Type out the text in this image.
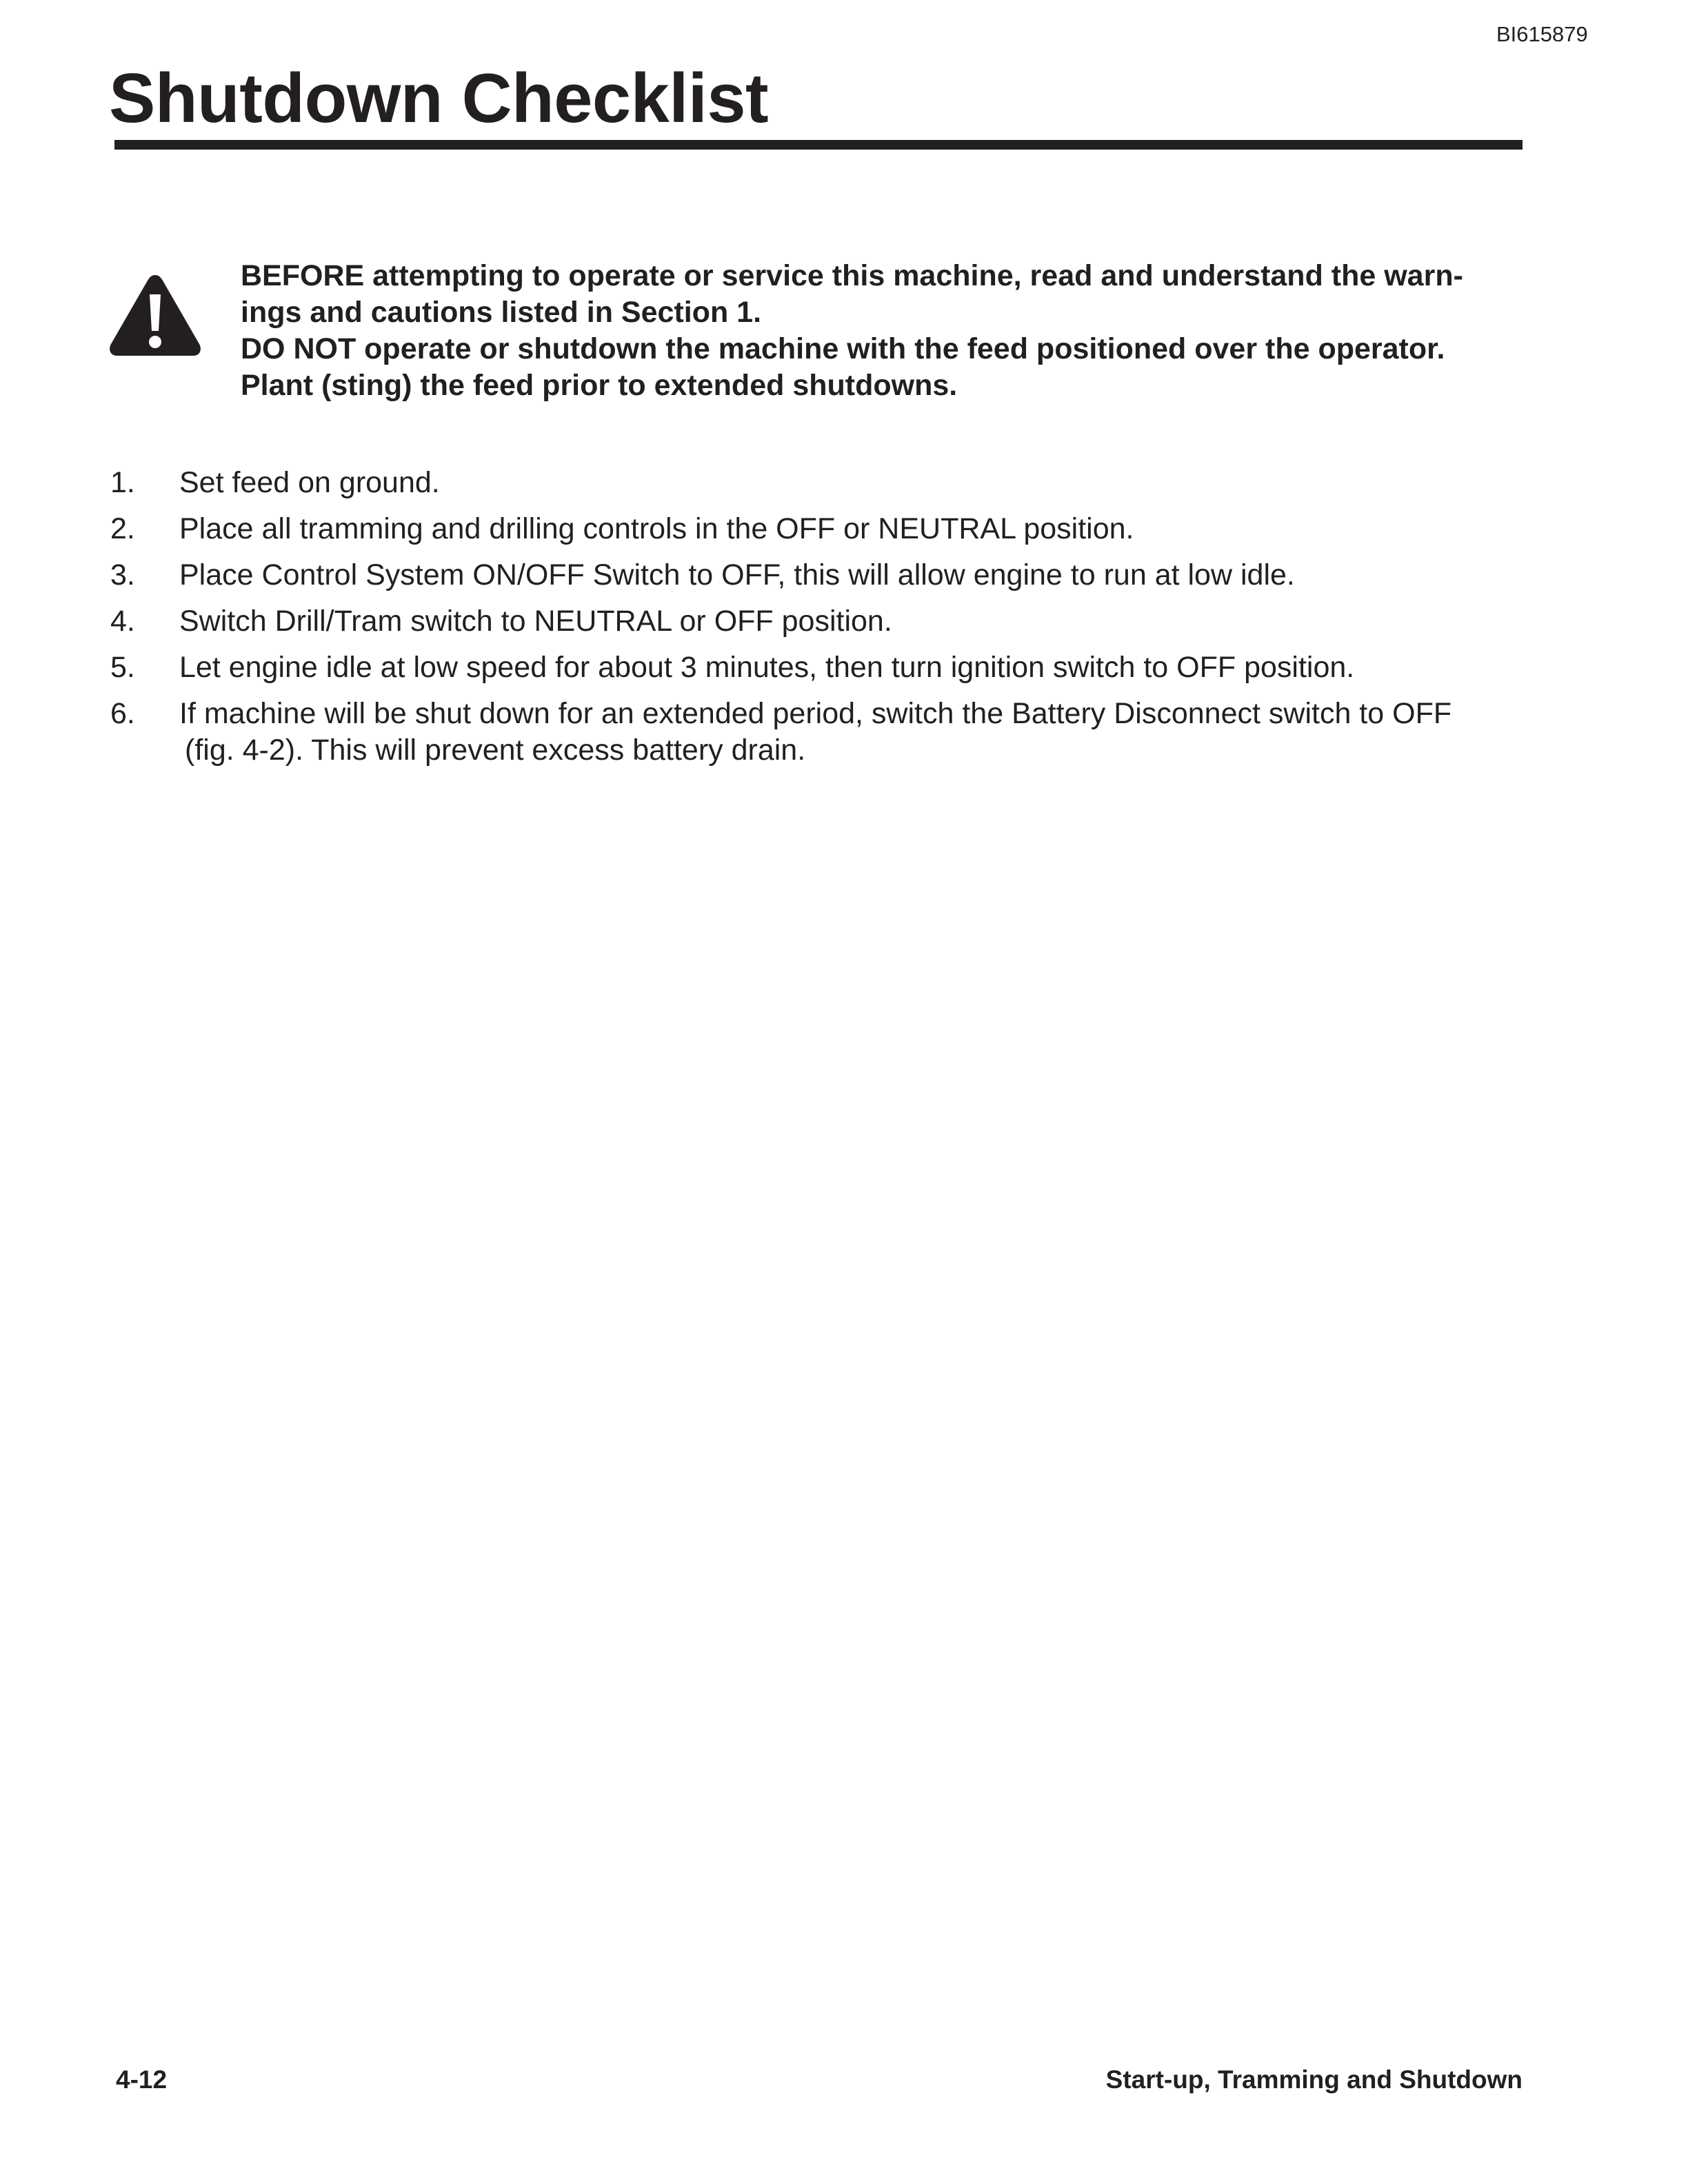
BI615879
Shutdown Checklist

BEFORE attempting to operate or service this machine, read and understand the warn-

ings and cautions listed in Section 1.

DO NOT operate or shutdown the machine with the feed positioned over the operator.

Plant (sting) the feed prior to extended shutdowns.

1. Set feed on ground.
2. Place all tramming and drilling controls in the OFF or NEUTRAL position.
3. Place Control System ON/OFF Switch to OFF, this will allow engine to run at low idle.
4. Switch Drill/Tram switch to NEUTRAL or OFF position.
5. Let engine idle at low speed for about 3 minutes, then turn ignition switch to OFF position.
6. If machine will be shut down for an extended period, switch the Battery Disconnect switch to OFF
(fig. 4-2). This will prevent excess battery drain.
4-12	Start-up, Tramming and Shutdown
